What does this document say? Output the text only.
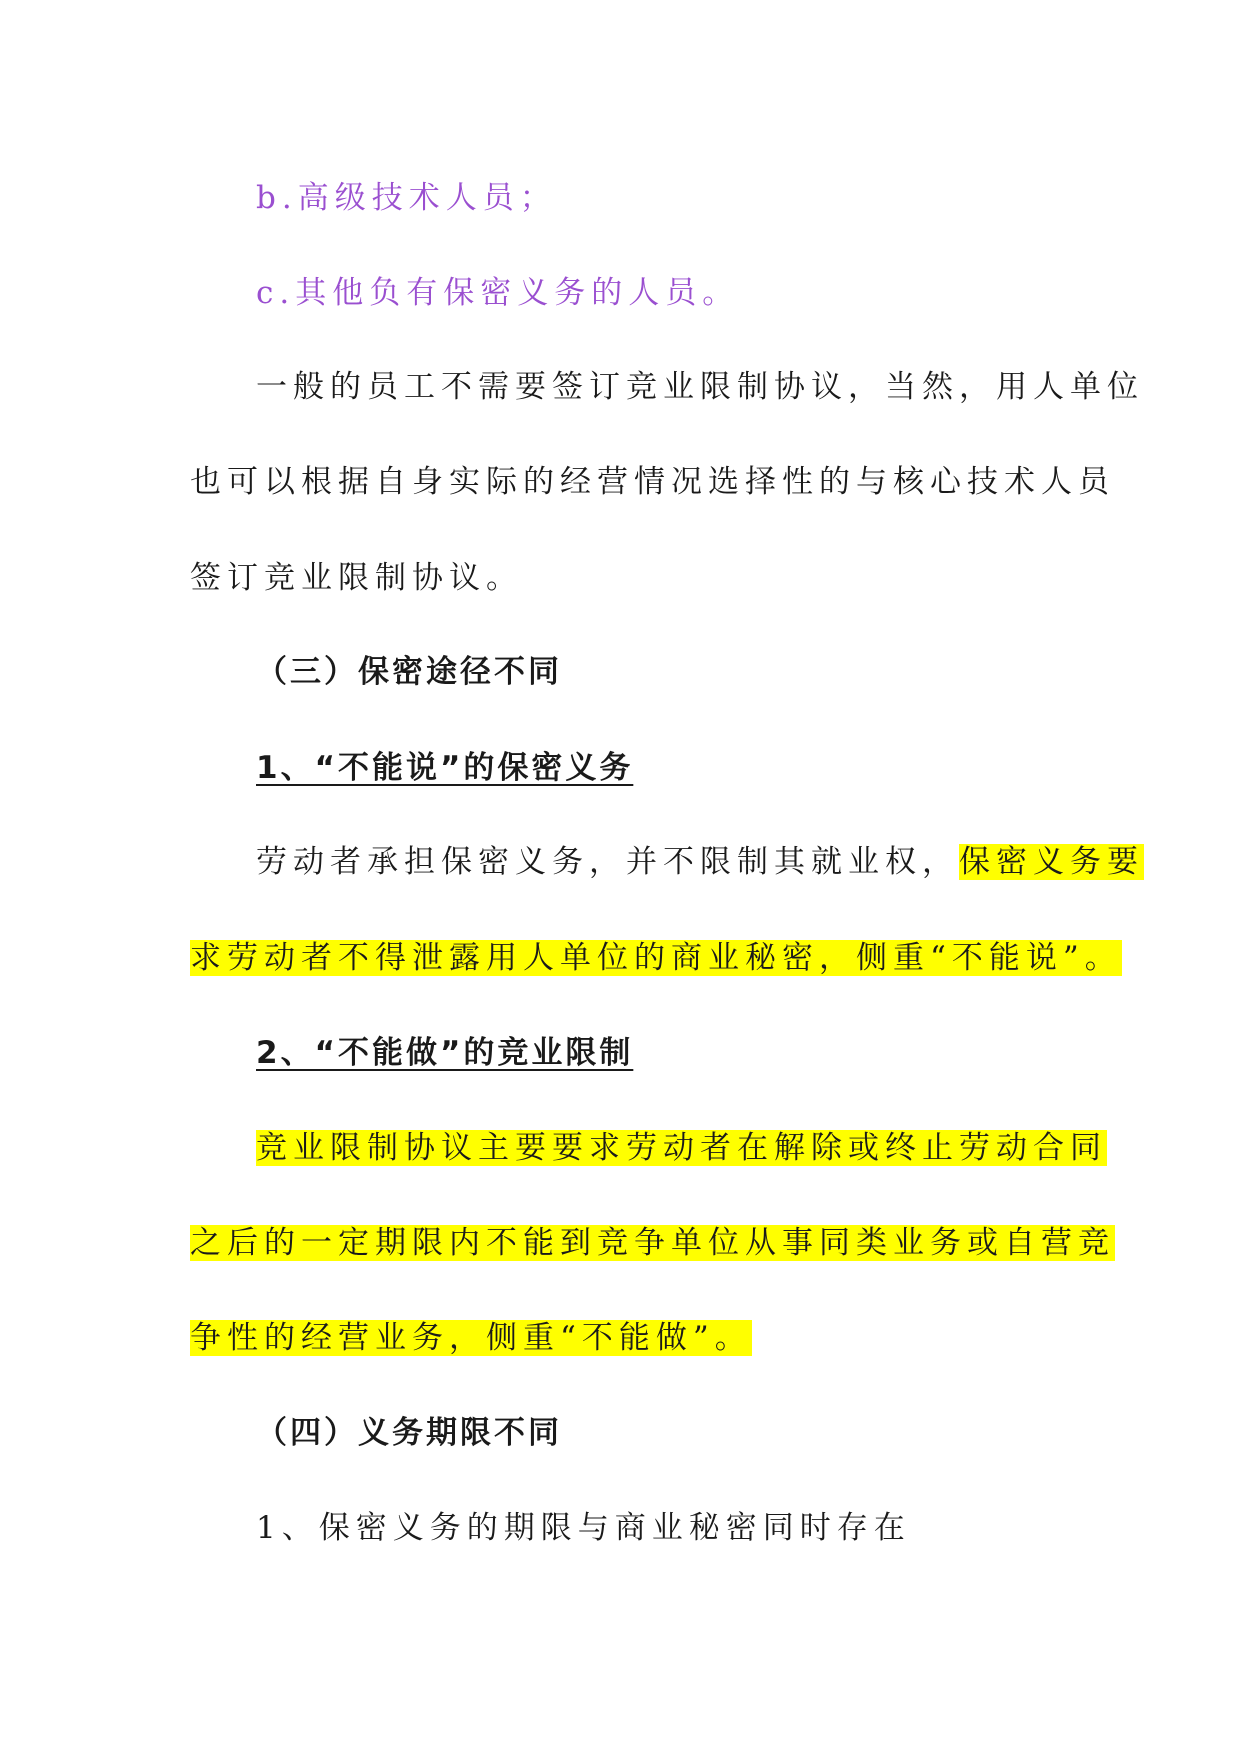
b.高级技术人员；
c.其他负有保密义务的人员。
一般的员工不需要签订竞业限制协议，当然，用人单位
也可以根据自身实际的经营情况选择性的与核心技术人员
签订竞业限制协议。
（三）保密途径不同
1、“不能说”的保密义务
劳动者承担保密义务，并不限制其就业权，保密义务要
求劳动者不得泄露用人单位的商业秘密，侧重“不能说”。
2、“不能做”的竞业限制
竞业限制协议主要要求劳动者在解除或终止劳动合同
之后的一定期限内不能到竞争单位从事同类业务或自营竞
争性的经营业务，侧重“不能做”。
（四）义务期限不同
1、保密义务的期限与商业秘密同时存在
